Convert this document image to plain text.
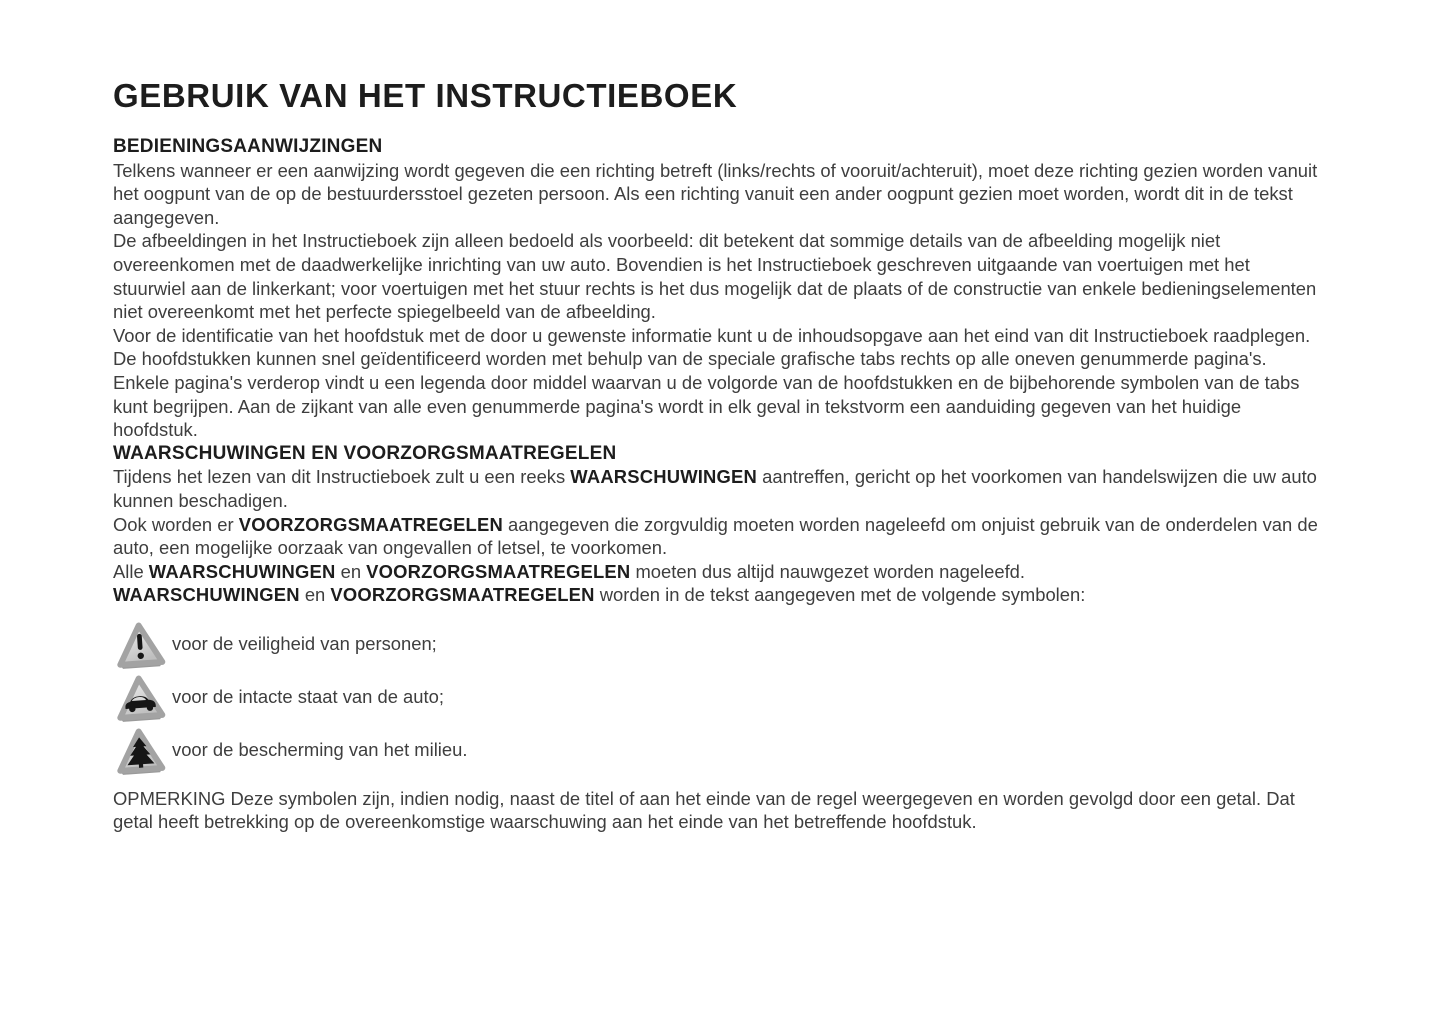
GEBRUIK VAN HET INSTRUCTIEBOEK
BEDIENINGSAANWIJZINGEN

Telkens wanneer er een aanwijzing wordt gegeven die een richting betreft (links/rechts of vooruit/achteruit), moet deze richting gezien worden vanuit het oogpunt van de op de bestuurdersstoel gezeten persoon. Als een richting vanuit een ander oogpunt gezien moet worden, wordt dit in de tekst aangegeven.

De afbeeldingen in het Instructieboek zijn alleen bedoeld als voorbeeld: dit betekent dat sommige details van de afbeelding mogelijk niet overeenkomen met de daadwerkelijke inrichting van uw auto. Bovendien is het Instructieboek geschreven uitgaande van voertuigen met het stuurwiel aan de linkerkant; voor voertuigen met het stuur rechts is het dus mogelijk dat de plaats of de constructie van enkele bedieningselementen niet overeenkomt met het perfecte spiegelbeeld van de afbeelding.

Voor de identificatie van het hoofdstuk met de door u gewenste informatie kunt u de inhoudsopgave aan het eind van dit Instructieboek raadplegen.

De hoofdstukken kunnen snel geïdentificeerd worden met behulp van de speciale grafische tabs rechts op alle oneven genummerde pagina's. Enkele pagina's verderop vindt u een legenda door middel waarvan u de volgorde van de hoofdstukken en de bijbehorende symbolen van de tabs kunt begrijpen. Aan de zijkant van alle even genummerde pagina's wordt in elk geval in tekstvorm een aanduiding gegeven van het huidige hoofdstuk.

WAARSCHUWINGEN EN VOORZORGSMAATREGELEN

Tijdens het lezen van dit Instructieboek zult u een reeks WAARSCHUWINGEN aantreffen, gericht op het voorkomen van handelswijzen die uw auto kunnen beschadigen.

Ook worden er VOORZORGSMAATREGELEN aangegeven die zorgvuldig moeten worden nageleefd om onjuist gebruik van de onderdelen van de auto, een mogelijke oorzaak van ongevallen of letsel, te voorkomen.

Alle WAARSCHUWINGEN en VOORZORGSMAATREGELEN moeten dus altijd nauwgezet worden nageleefd.

WAARSCHUWINGEN en VOORZORGSMAATREGELEN worden in de tekst aangegeven met de volgende symbolen:

voor de veiligheid van personen;
voor de intacte staat van de auto;
voor de bescherming van het milieu.

OPMERKING Deze symbolen zijn, indien nodig, naast de titel of aan het einde van de regel weergegeven en worden gevolgd door een getal. Dat getal heeft betrekking op de overeenkomstige waarschuwing aan het einde van het betreffende hoofdstuk.
